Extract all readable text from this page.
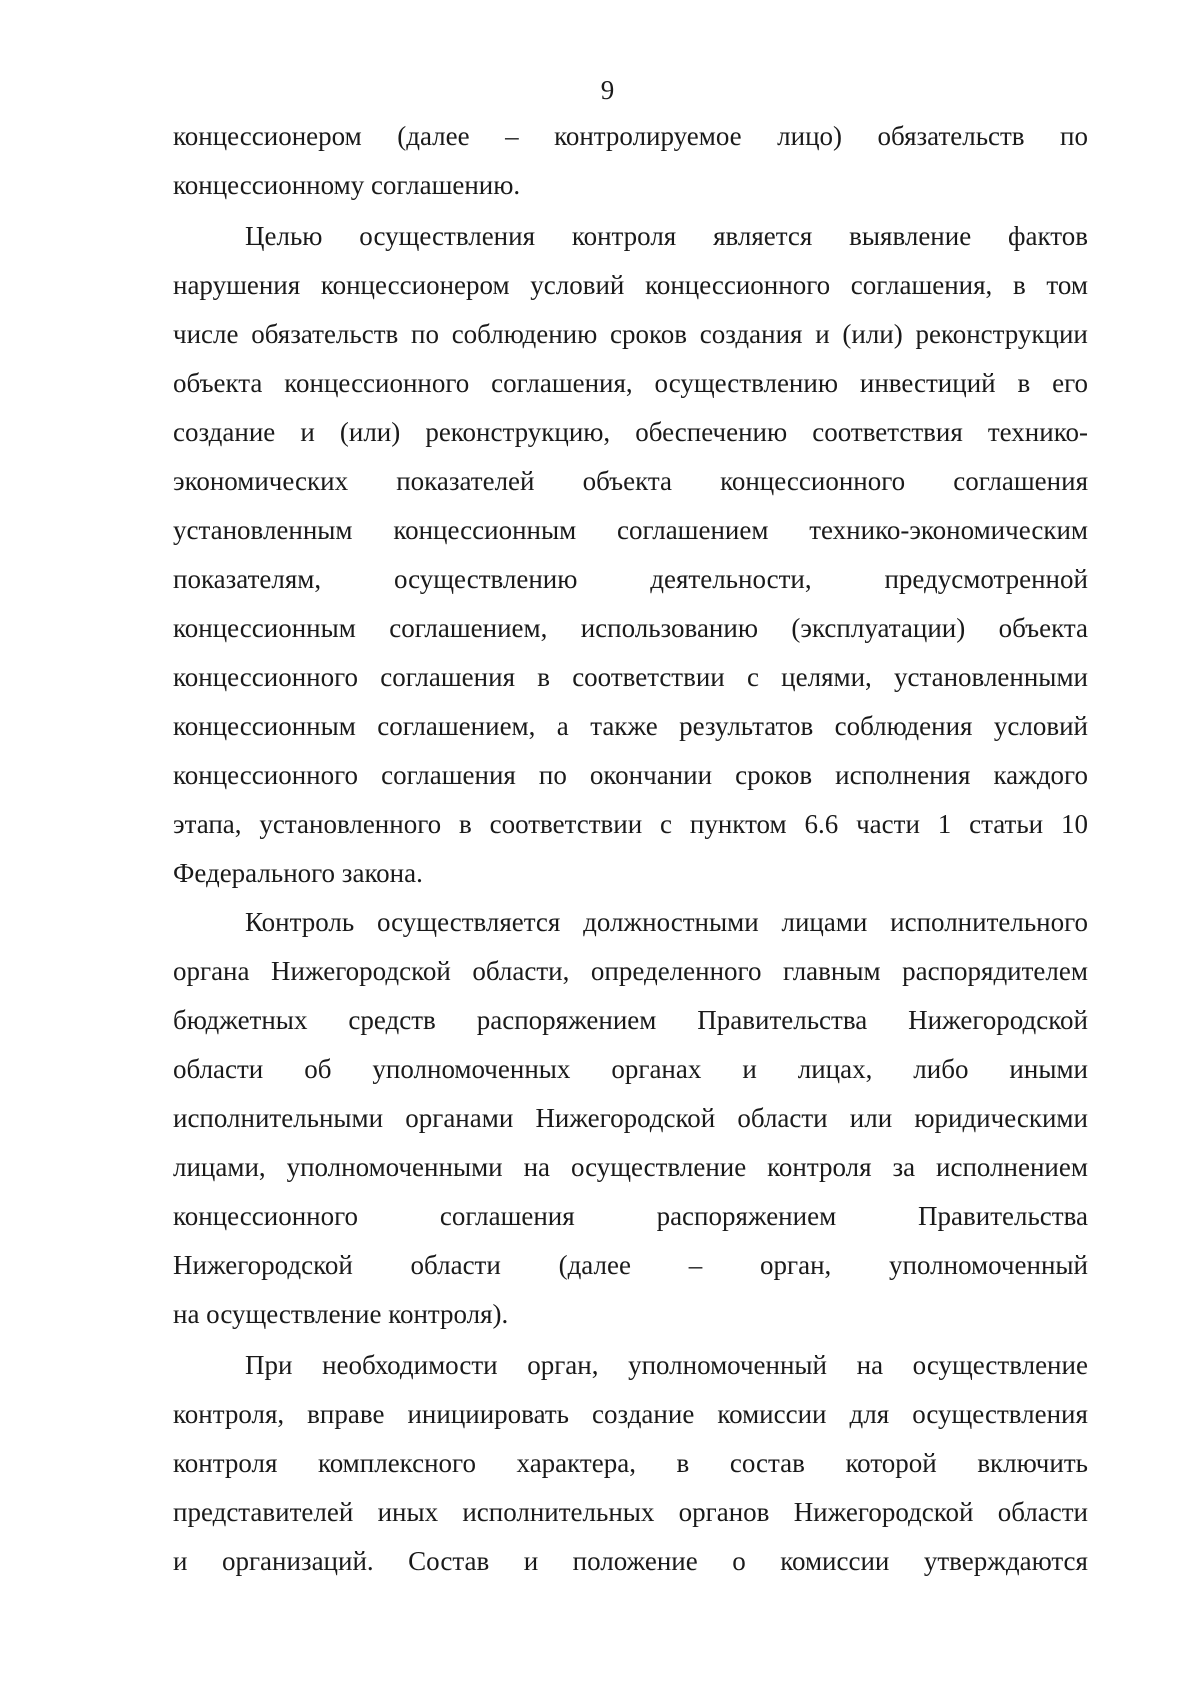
9
концессионером (далее – контролируемое лицо) обязательств по
концессионному соглашению.
Целью осуществления контроля является выявление фактов
нарушения концессионером условий концессионного соглашения, в том
числе обязательств по соблюдению сроков создания и (или) реконструкции
объекта концессионного соглашения, осуществлению инвестиций в его
создание и (или) реконструкцию, обеспечению соответствия технико-
экономических показателей объекта концессионного соглашения
установленным концессионным соглашением технико-экономическим
показателям,	осуществлению	деятельности,	предусмотренной
концессионным соглашением, использованию (эксплуатации) объекта
концессионного соглашения в соответствии с целями, установленными
концессионным соглашением, а также результатов соблюдения условий
концессионного соглашения по окончании сроков исполнения каждого
этапа, установленного в соответствии с пунктом 6.6 части 1 статьи 10
Федерального закона.
Контроль осуществляется должностными лицами исполнительного
органа Нижегородской области, определенного главным распорядителем
бюджетных средств распоряжением Правительства Нижегородской
области об уполномоченных органах и лицах, либо иными
исполнительными органами Нижегородской области или юридическими
лицами, уполномоченными на осуществление контроля за исполнением
концессионного	соглашения	распоряжением	Правительства
Нижегородской области (далее – орган, уполномоченный
на осуществление контроля).
При необходимости орган, уполномоченный на осуществление
контроля, вправе инициировать создание комиссии для осуществления
контроля комплексного характера, в состав которой включить
представителей иных исполнительных органов Нижегородской области
и организаций. Состав и положение о комиссии утверждаются
